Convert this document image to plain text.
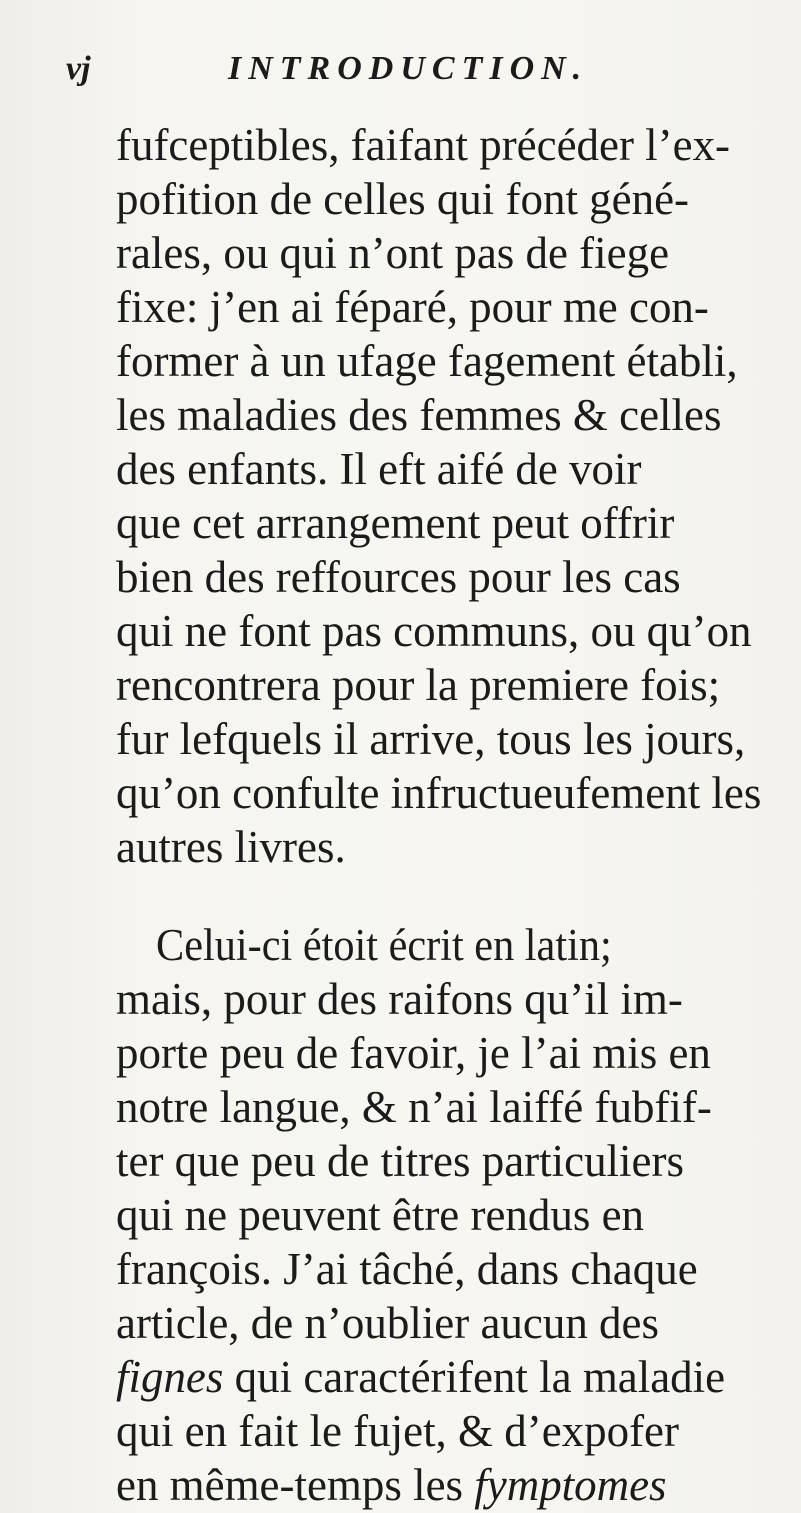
vj	INTRODUCTION.
fufceptibles, faifant précéder l’ex-
pofition de celles qui font géné-
rales, ou qui n’ont pas de fiege
fixe: j’en ai féparé, pour me con-
former à un ufage fagement établi,
les maladies des femmes & celles
des enfants. Il eft aifé de voir
que cet arrangement peut offrir
bien des reffources pour les cas
qui ne font pas communs, ou qu’on
rencontrera pour la premiere fois;
fur lefquels il arrive, tous les jours,
qu’on confulte infructueufement les
autres livres.
Celui-ci étoit écrit en latin;
mais, pour des raifons qu’il im-
porte peu de favoir, je l’ai mis en
notre langue, & n’ai laiffé fubfif-
ter que peu de titres particuliers
qui ne peuvent être rendus en
françois. J’ai tâché, dans chaque
article, de n’oublier aucun des
fignes qui caractérifent la maladie
qui en fait le fujet, & d’expofer
en même-temps les fymptomes
